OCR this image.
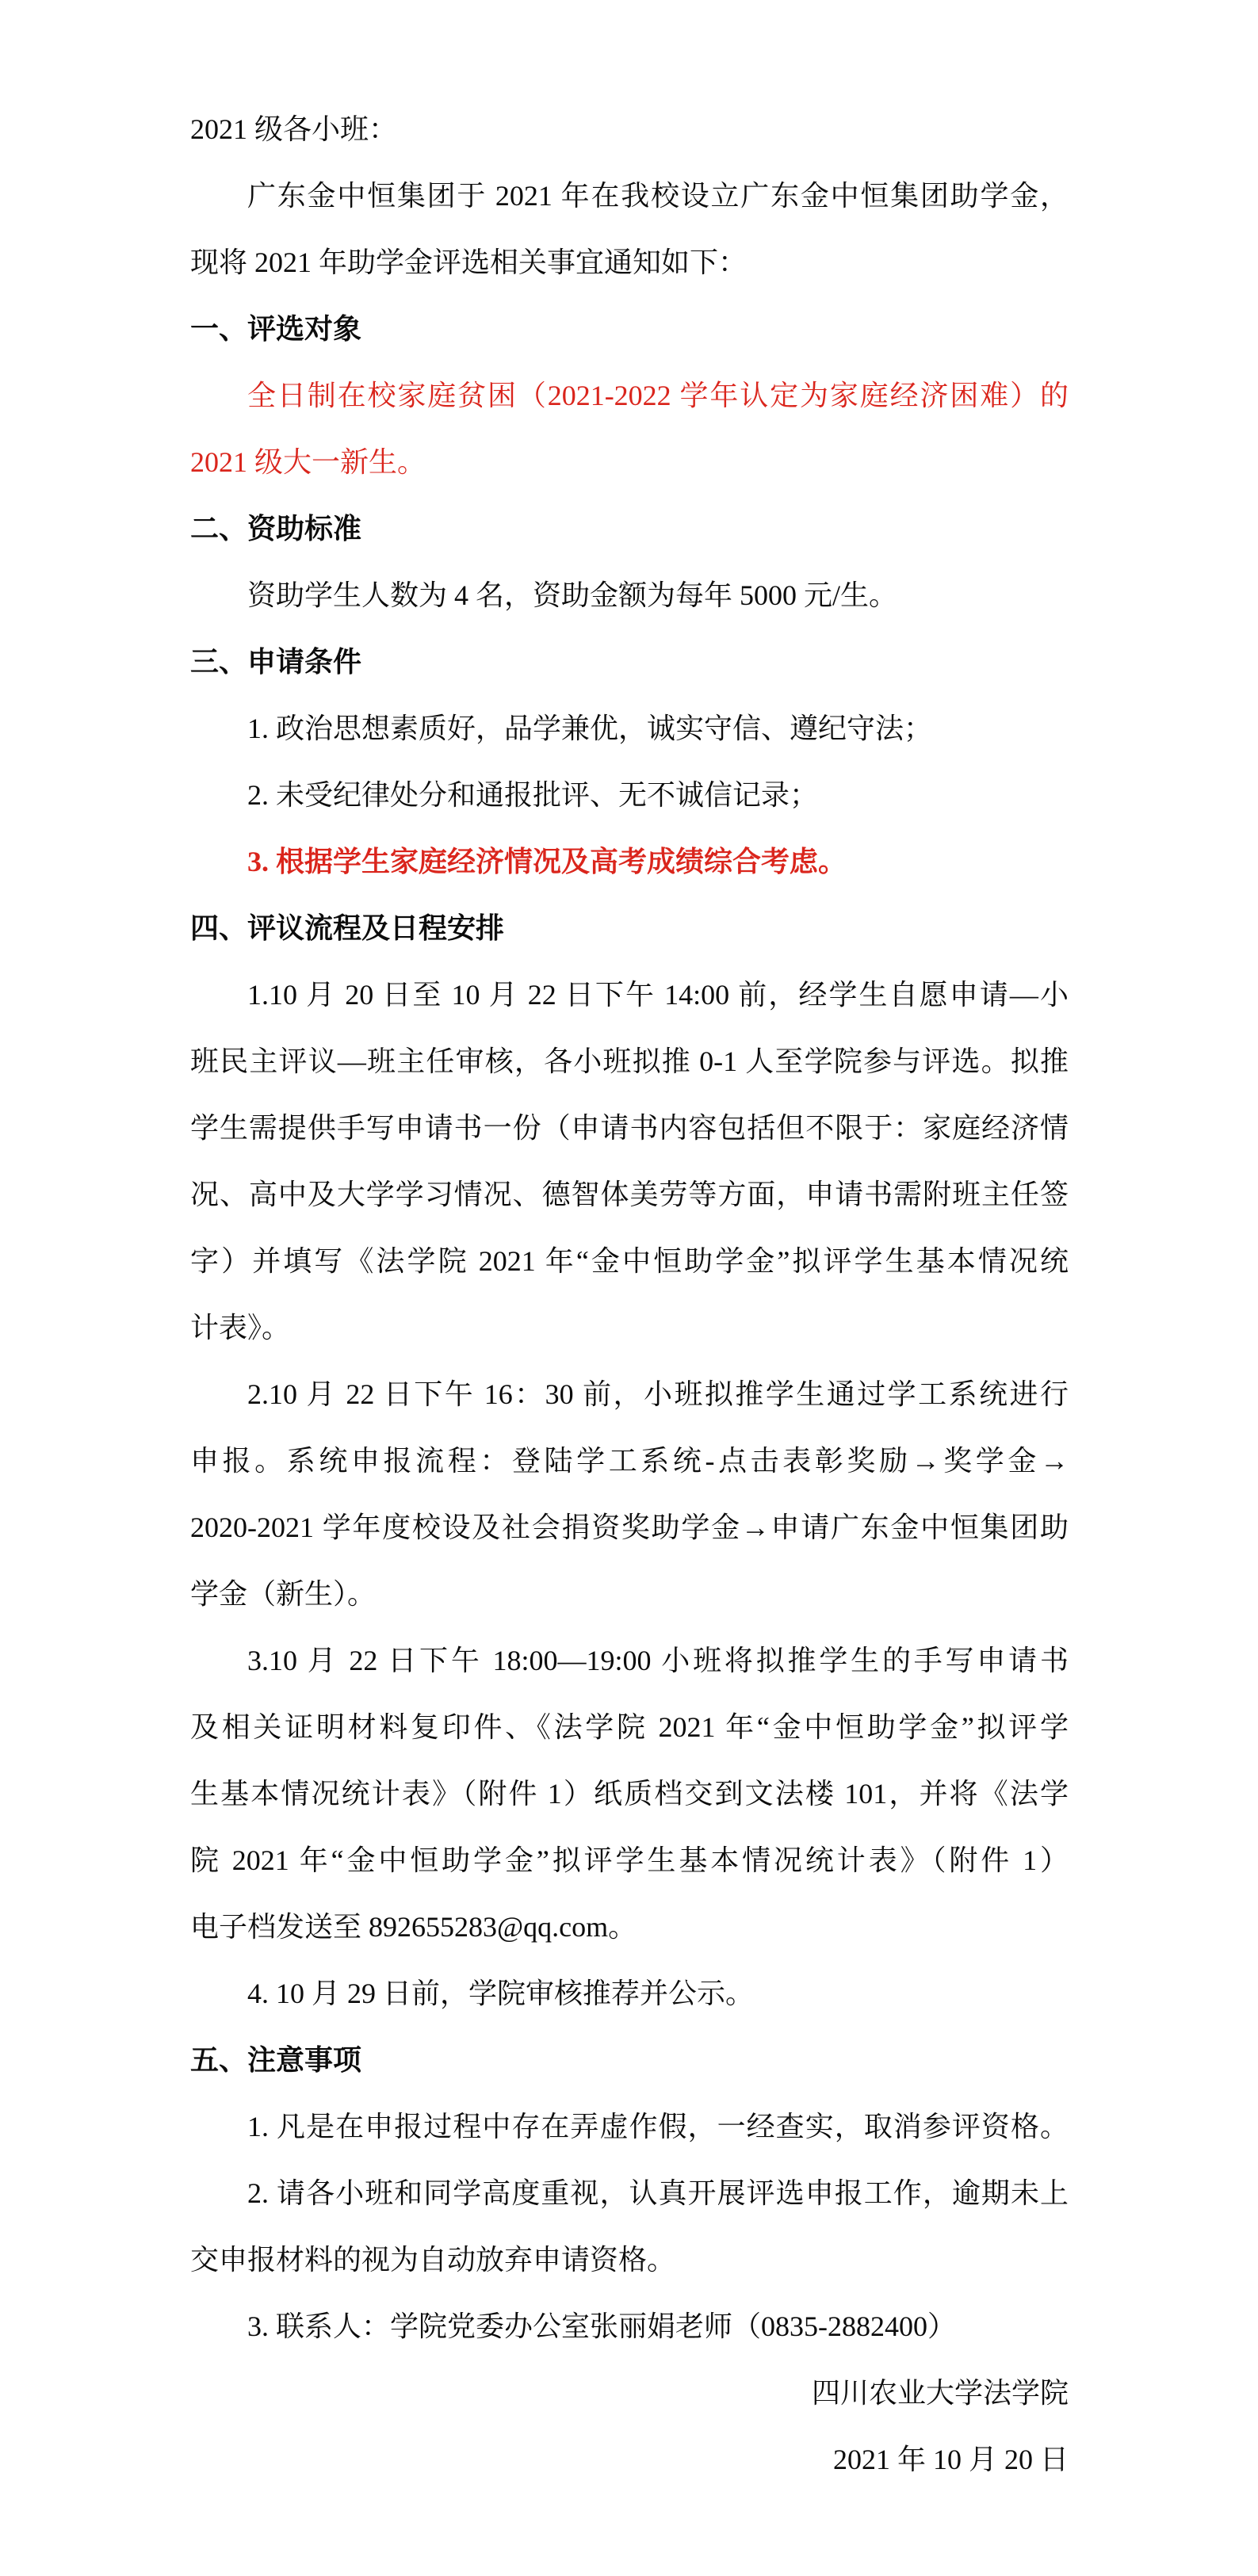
2021 级各小班：
广东金中恒集团于 2021 年在我校设立广东金中恒集团助学金，
现将 2021 年助学金评选相关事宜通知如下：
一、评选对象
全日制在校家庭贫困（2021-2022 学年认定为家庭经济困难）的
2021 级大一新生。
二、资助标准
资助学生人数为 4 名，资助金额为每年 5000 元/生。
三、申请条件
1. 政治思想素质好，品学兼优，诚实守信、遵纪守法；
2. 未受纪律处分和通报批评、无不诚信记录；
3. 根据学生家庭经济情况及高考成绩综合考虑。
四、评议流程及日程安排
1.10 月 20 日至 10 月 22 日下午 14:00 前，经学生自愿申请—小
班民主评议—班主任审核，各小班拟推 0-1 人至学院参与评选。拟推
学生需提供手写申请书一份（申请书内容包括但不限于：家庭经济情
况、高中及大学学习情况、德智体美劳等方面，申请书需附班主任签
字）并填写《法学院 2021 年“金中恒助学金”拟评学生基本情况统
计表》。
2.10 月 22 日下午 16：30 前，小班拟推学生通过学工系统进行
申报。系统申报流程：登陆学工系统-点击表彰奖励→奖学金→
2020-2021 学年度校设及社会捐资奖助学金→申请广东金中恒集团助
学金（新生）。
3.10 月 22 日下午 18:00—19:00 小班将拟推学生的手写申请书
及相关证明材料复印件、《法学院 2021 年“金中恒助学金”拟评学
生基本情况统计表》（附件 1）纸质档交到文法楼 101，并将《法学
院 2021 年“金中恒助学金”拟评学生基本情况统计表》（附件 1）
电子档发送至 892655283@qq.com。
4. 10 月 29 日前，学院审核推荐并公示。
五、注意事项
1. 凡是在申报过程中存在弄虚作假，一经查实，取消参评资格。
2. 请各小班和同学高度重视，认真开展评选申报工作，逾期未上
交申报材料的视为自动放弃申请资格。
3. 联系人：学院党委办公室张丽娟老师（0835-2882400）
四川农业大学法学院
2021 年 10 月 20 日
